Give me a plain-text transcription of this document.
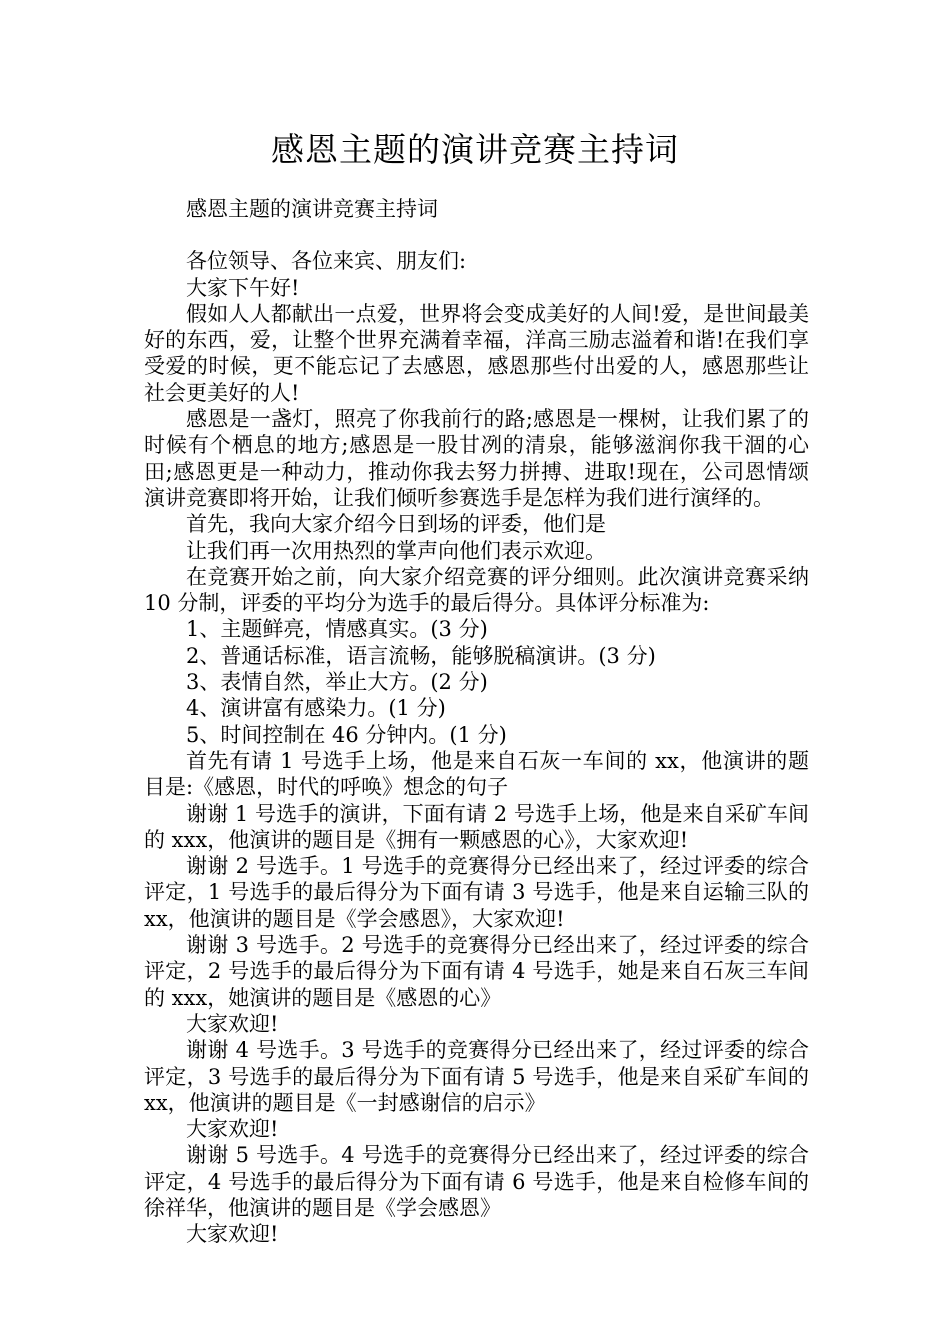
感恩主题的演讲竞赛主持词

感恩主题的演讲竞赛主持词

各位领导、各位来宾、朋友们:

大家下午好!

假如人人都献出一点爱，世界将会变成美好的人间!爱，是世间最美好的东西，爱，让整个世界充满着幸福，洋高三励志溢着和谐!在我们享受爱的时候，更不能忘记了去感恩，感恩那些付出爱的人，感恩那些让社会更美好的人!

感恩是一盏灯，照亮了你我前行的路;感恩是一棵树，让我们累了的时候有个栖息的地方;感恩是一股甘冽的清泉，能够滋润你我干涸的心田;感恩更是一种动力，推动你我去努力拼搏、进取!现在，公司恩情颂演讲竞赛即将开始，让我们倾听参赛选手是怎样为我们进行演绎的。

首先，我向大家介绍今日到场的评委，他们是

让我们再一次用热烈的掌声向他们表示欢迎。

在竞赛开始之前，向大家介绍竞赛的评分细则。此次演讲竞赛采纳 10 分制，评委的平均分为选手的最后得分。具体评分标准为:

1、主题鲜亮，情感真实。(3 分)

2、普通话标准，语言流畅，能够脱稿演讲。(3 分)

3、表情自然，举止大方。(2 分)

4、演讲富有感染力。(1 分)

5、时间控制在 46 分钟内。(1 分)

首先有请 1 号选手上场，他是来自石灰一车间的 xx，他演讲的题目是:《感恩，时代的呼唤》想念的句子

谢谢 1 号选手的演讲，下面有请 2 号选手上场，他是来自采矿车间的 xxx，他演讲的题目是《拥有一颗感恩的心》，大家欢迎!

谢谢 2 号选手。1 号选手的竞赛得分已经出来了，经过评委的综合评定，1 号选手的最后得分为下面有请 3 号选手，他是来自运输三队的 xx，他演讲的题目是《学会感恩》，大家欢迎!

谢谢 3 号选手。2 号选手的竞赛得分已经出来了，经过评委的综合评定，2 号选手的最后得分为下面有请 4 号选手，她是来自石灰三车间的 xxx，她演讲的题目是《感恩的心》

大家欢迎!

谢谢 4 号选手。3 号选手的竞赛得分已经出来了，经过评委的综合评定，3 号选手的最后得分为下面有请 5 号选手，他是来自采矿车间的 xx，他演讲的题目是《一封感谢信的启示》

大家欢迎!

谢谢 5 号选手。4 号选手的竞赛得分已经出来了，经过评委的综合评定，4 号选手的最后得分为下面有请 6 号选手，他是来自检修车间的徐祥华，他演讲的题目是《学会感恩》

大家欢迎!
